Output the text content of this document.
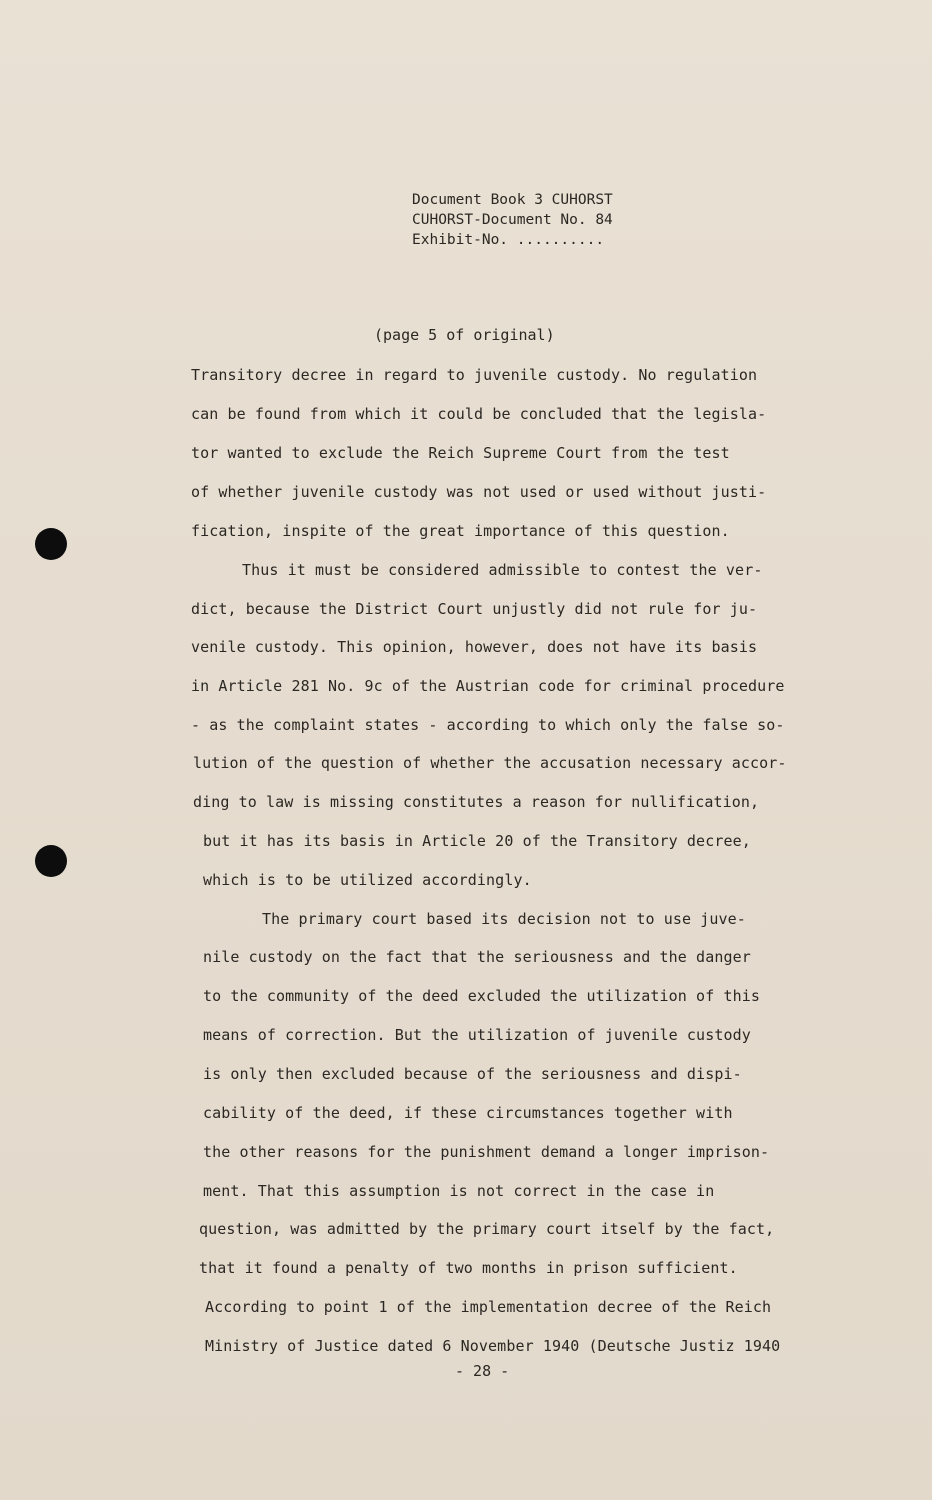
Document Book 3 CUHORST
CUHORST-Document No. 84
Exhibit-No. ..........
(page 5 of original)
Transitory decree in regard to juvenile custody. No regulation
can be found from which it could be concluded that the legisla-
tor wanted to exclude the Reich Supreme Court from the test
of whether juvenile custody was not used or used without justi-
fication, inspite of the great importance of this question.
Thus it must be considered admissible to contest the ver-
dict, because the District Court unjustly did not rule for ju-
venile custody. This opinion, however, does not have its basis
in Article 281 No. 9c of the Austrian code for criminal procedure
- as the complaint states - according to which only the false so-
lution of the question of whether the accusation necessary accor-
ding to law is missing constitutes a reason for nullification,
but it has its basis in Article 20 of the Transitory decree,
which is to be utilized accordingly.
The primary court based its decision not to use juve-
nile custody on the fact that the seriousness and the danger
to the community of the deed excluded the utilization of this
means of correction. But the utilization of juvenile custody
is only then excluded because of the seriousness and dispi-
cability of the deed, if these circumstances together with
the other reasons for the punishment demand a longer imprison-
ment. That this assumption is not correct in the case in
question, was admitted by the primary court itself by the fact,
that it found a penalty of two months in prison sufficient.
According to point 1 of the implementation decree of the Reich
Ministry of Justice dated 6 November 1940 (Deutsche Justiz 1940
- 28 -
